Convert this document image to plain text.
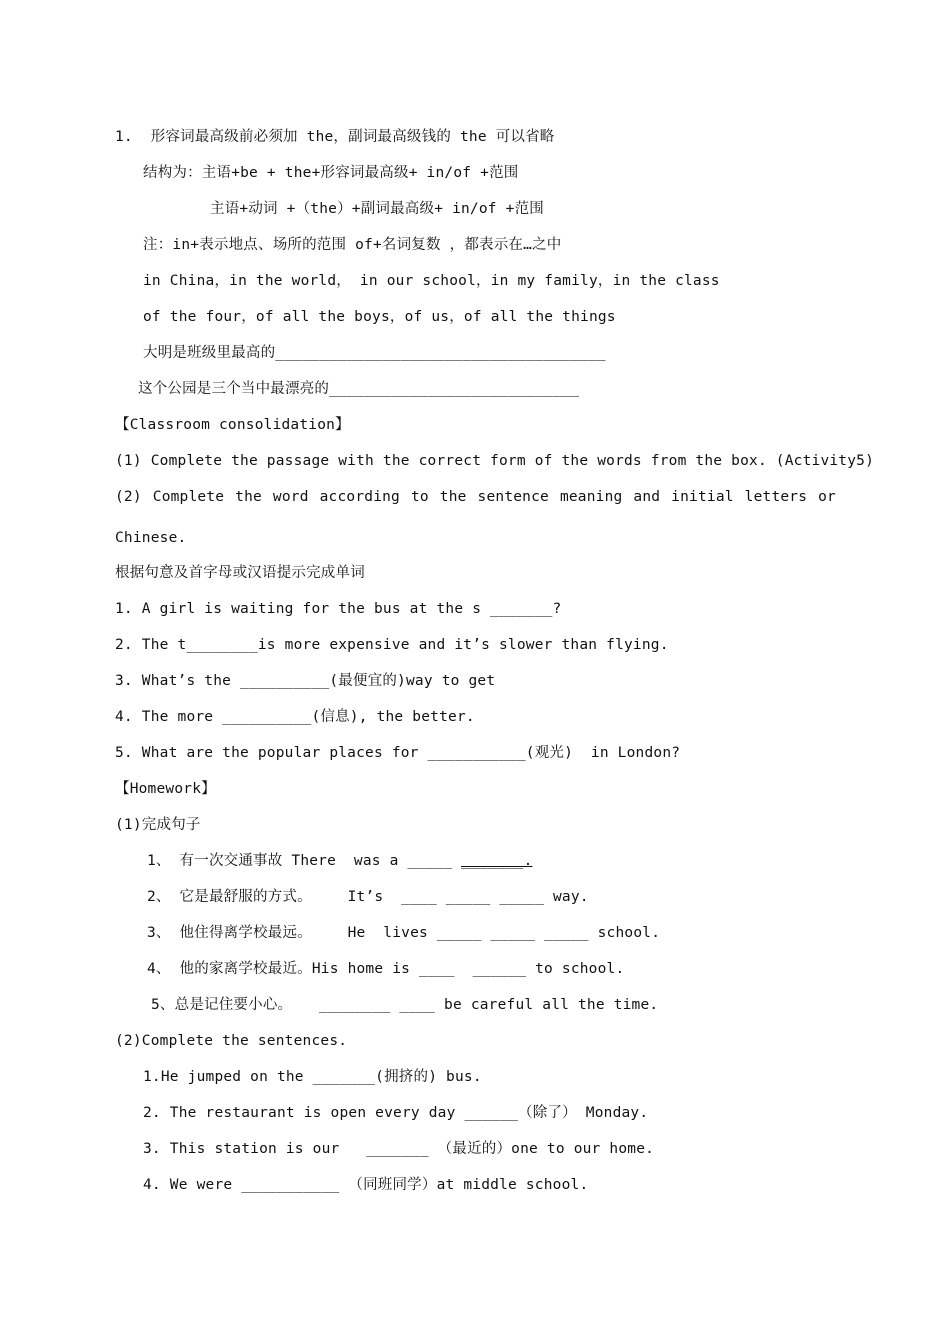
1.  形容词最高级前必须加 the，副词最高级钱的 the 可以省略
结构为：主语+be + the+形容词最高级+ in/of +范围
主语+动词 +（the）+副词最高级+ in/of +范围
注：in+表示地点、场所的范围 of+名词复数 ，都表示在…之中
in China，in the world， in our school，in my family，in the class
of the four，of all the boys，of us，of all the things
大明是班级里最高的_____________________________________
这个公园是三个当中最漂亮的____________________________
【Classroom consolidation】
(1) Complete the passage with the correct form of the words from the box. (Activity5)
(2) Complete the word according to the sentence meaning and initial letters or
Chinese.
根据句意及首字母或汉语提示完成单词
1. A girl is waiting for the bus at the s _______?
2. The t________is more expensive and it’s slower than flying.
3. What’s the __________(最便宜的)way to get
4. The more __________(信息), the better.
5. What are the popular places for ___________(观光)  in London?
【Homework】
(1)完成句子
1、 有一次交通事故 There  was a _____ _______.
2、 它是最舒服的方式。    It’s  ____ _____ _____ way.
3、 他住得离学校最远。    He  lives _____ _____ _____ school.
4、 他的家离学校最近。His home is ____  ______ to school.
5、总是记住要小心。   ________ ____ be careful all the time.
(2)Complete the sentences.
1.He jumped on the _______(拥挤的) bus.
2. The restaurant is open every day ______（除了） Monday.
3. This station is our   _______ （最近的）one to our home.
4. We were ___________ （同班同学）at middle school.
